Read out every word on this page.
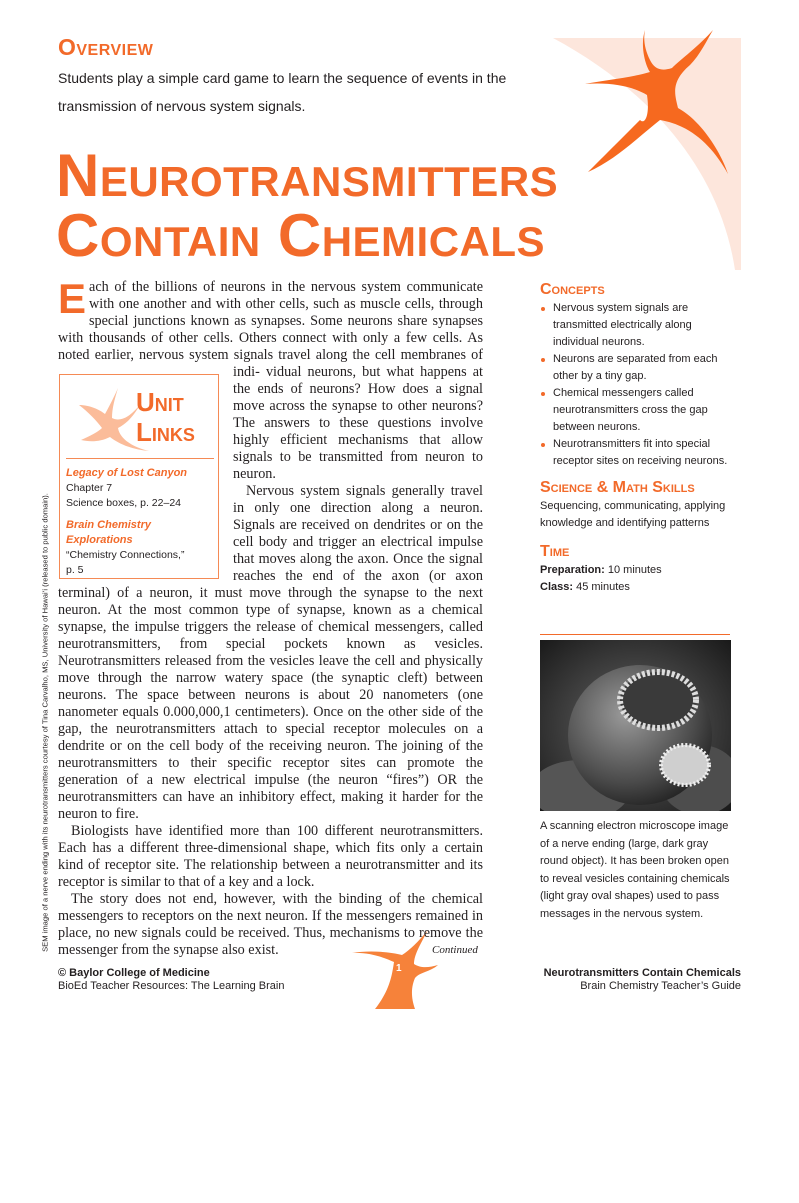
Overview
Students play a simple card game to learn the sequence of events in the transmission of nervous system signals.
Neurotransmitters
Contain Chemicals

E ach of the billions of neurons in the nervous system communicate with one another and with other cells, such as muscle cells, through special junctions known as synapses. Some neurons share synapses with thousands of other cells. Others connect with only a few cells. As noted earlier, nervous system signals travel along the cell membranes of indi-
Unit
Links
Legacy of Lost Canyon
Chapter 7
Science boxes, p. 22–24
Brain Chemistry Explorations
“Chemistry Connections,”
p. 5
vidual neurons, but what happens at the ends of neurons? How does a signal move across the synapse to other neurons? The answers to these questions involve highly efficient mechanisms that allow signals to be transmitted from neuron to neuron.

Nervous system signals generally travel in only one direction along a neuron. Signals are received on dendrites or on the cell body and trigger an electrical impulse that moves along the axon. Once the signal reaches the end of the axon (or axon terminal) of a neuron, it must move through the synapse to the next neuron. At the most common type of synapse, known as a chemical synapse, the impulse triggers the release of chemical messengers, called neurotransmitters, from special pockets known as vesicles. Neurotransmitters released from the vesicles leave the cell and physically move through the narrow watery space (the synaptic cleft) between neurons. The space between neurons is about 20 nanometers (one nanometer equals 0.000,000,1 centimeters). Once on the other side of the gap, the neurotransmitters attach to special receptor molecules on a dendrite or on the cell body of the receiving neuron. The joining of the neurotransmitters to their specific receptor sites can promote the generation of a new electrical impulse (the neuron “fires”) OR the neurotransmitters can have an inhibitory effect, making it harder for the neuron to fire.

Biologists have identified more than 100 different neurotransmitters. Each has a different three-dimensional shape, which fits only a certain kind of receptor site. The relationship between a neurotransmitter and its receptor is similar to that of a key and a lock.

The story does not end, however, with the binding of the chemical messengers to receptors on the next neuron. If the messengers remained in place, no new signals could be received. Thus, mechanisms to remove the messenger from the synapse also exist.

Concepts
Nervous system signals are transmitted electrically along individual neurons.
Neurons are separated from each other by a tiny gap.
Chemical messengers called neurotransmitters cross the gap between neurons.
Neurotransmitters fit into special receptor sites on receiving neurons.
Science & Math Skills
Sequencing, communicating, applying knowledge and identifying patterns
Time
Preparation: 10 minutes
Class: 45 minutes
A scanning electron microscope image of a nerve ending (large, dark gray round object). It has been broken open to reveal vesicles containing chemicals (light gray oval shapes) used to pass messages in the nervous system.
SEM image of a nerve ending with its neurotransmitters courtesy of Tina Carvalho, MS, University of Hawai‘i (released to public domain).	Continued
1
© Baylor College of Medicine
BioEd Teacher Resources: The Learning Brain
Neurotransmitters Contain Chemicals
Brain Chemistry Teacher’s Guide
